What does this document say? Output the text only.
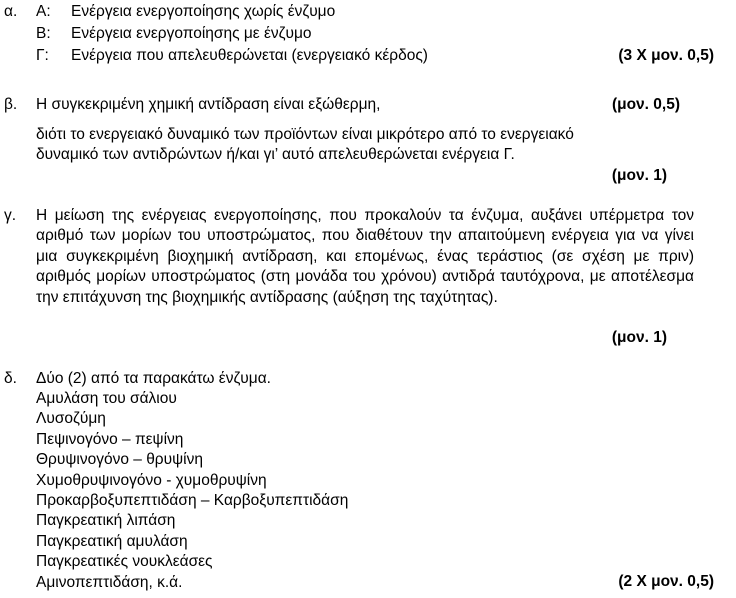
α. Α: Ενέργεια ενεργοποίησης χωρίς ένζυμο
Β: Ενέργεια ενεργοποίησης με ένζυμο
Γ: Ενέργεια που απελευθερώνεται (ενεργειακό κέρδος)	(3 Χ μον. 0,5)
β. Η συγκεκριμένη χημική αντίδραση είναι εξώθερμη,	(μον. 0,5)
διότι το ενεργειακό δυναμικό των προϊόντων είναι μικρότερο από το ενεργειακό
δυναμικό των αντιδρώντων ή/και γι’ αυτό απελευθερώνεται ενέργεια Γ.
(μον. 1)
γ. Η μείωση της ενέργειας ενεργοποίησης, που προκαλούν τα ένζυμα, αυξάνει υπέρμετρα τον αριθμό των μορίων του υποστρώματος, που διαθέτουν την απαιτούμενη ενέργεια για να γίνει μια συγκεκριμένη βιοχημική αντίδραση, και επομένως, ένας τεράστιος (σε σχέση με πριν) αριθμός μορίων υποστρώματος (στη μονάδα του χρόνου) αντιδρά ταυτόχρονα, με αποτέλεσμα την επιτάχυνση της βιοχημικής αντίδρασης (αύξηση της ταχύτητας).
(μον. 1)
δ. Δύο (2) από τα παρακάτω ένζυμα.
Αμυλάση του σάλιου
Λυσοζύμη
Πεψινογόνο – πεψίνη
Θρυψινογόνο – θρυψίνη
Χυμοθρυψινογόνο - χυμοθρυψίνη
Προκαρβοξυπεπτιδάση – Καρβοξυπεπτιδάση
Παγκρεατική λιπάση
Παγκρεατική αμυλάση
Παγκρεατικές νουκλεάσες
Αμινοπεπτιδάση, κ.ά.	(2 Χ μον. 0,5)
